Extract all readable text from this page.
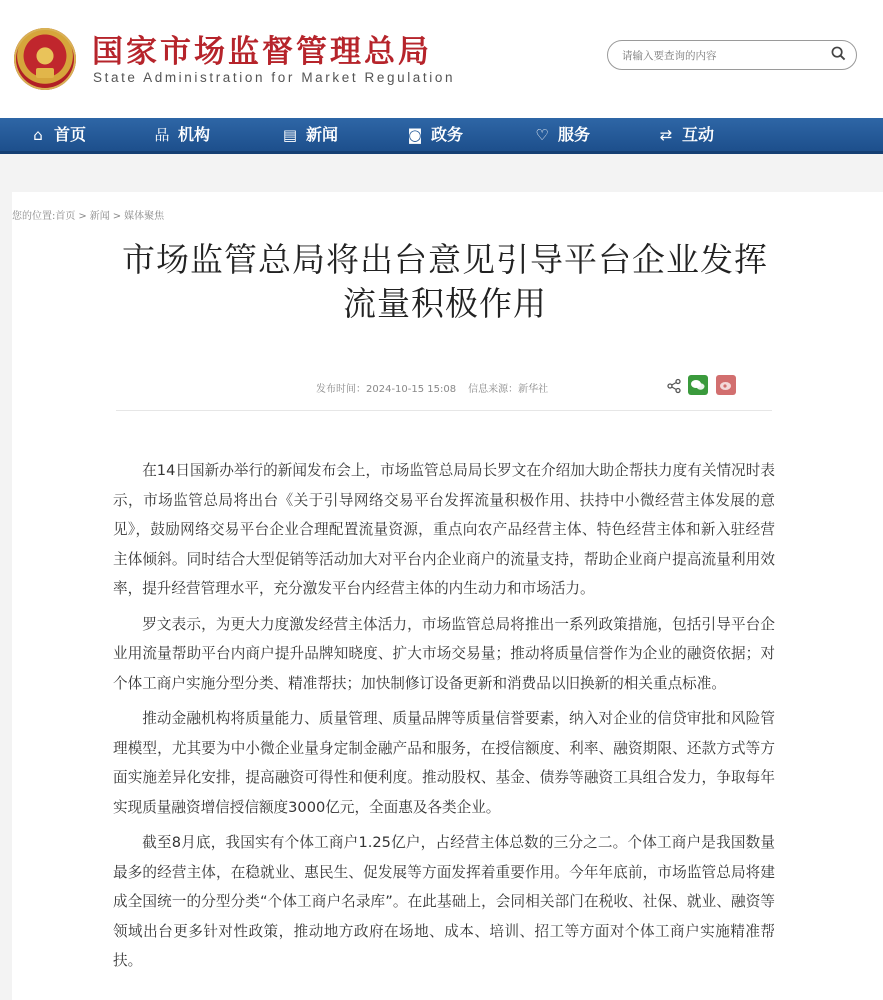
国家市场监督管理总局
State Administration for Market Regulation
请输入要查询的内容
⌂ 首页	品 机构	▤ 新闻	◙ 政务	♡ 服务	⇄ 互动
您的位置:首页 > 新闻 > 媒体聚焦
市场监管总局将出台意见引导平台企业发挥
流量积极作用
发布时间：2024-10-15 15:08 信息来源：新华社

在14日国新办举行的新闻发布会上，市场监管总局局长罗文在介绍加大助企帮扶力度有关情况时表示，市场监管总局将出台《关于引导网络交易平台发挥流量积极作用、扶持中小微经营主体发展的意见》，鼓励网络交易平台企业合理配置流量资源，重点向农产品经营主体、特色经营主体和新入驻经营主体倾斜。同时结合大型促销等活动加大对平台内企业商户的流量支持，帮助企业商户提高流量利用效率，提升经营管理水平，充分激发平台内经营主体的内生动力和市场活力。

罗文表示，为更大力度激发经营主体活力，市场监管总局将推出一系列政策措施，包括引导平台企业用流量帮助平台内商户提升品牌知晓度、扩大市场交易量；推动将质量信誉作为企业的融资依据；对个体工商户实施分型分类、精准帮扶；加快制修订设备更新和消费品以旧换新的相关重点标准。

推动金融机构将质量能力、质量管理、质量品牌等质量信誉要素，纳入对企业的信贷审批和风险管理模型，尤其要为中小微企业量身定制金融产品和服务，在授信额度、利率、融资期限、还款方式等方面实施差异化安排，提高融资可得性和便利度。推动股权、基金、债券等融资工具组合发力，争取每年实现质量融资增信授信额度3000亿元，全面惠及各类企业。

截至8月底，我国实有个体工商户1.25亿户，占经营主体总数的三分之二。个体工商户是我国数量最多的经营主体，在稳就业、惠民生、促发展等方面发挥着重要作用。今年年底前，市场监管总局将建成全国统一的分型分类“个体工商户名录库”。在此基础上，会同相关部门在税收、社保、就业、融资等领域出台更多针对性政策，推动地方政府在场地、成本、培训、招工等方面对个体工商户实施精准帮扶。
